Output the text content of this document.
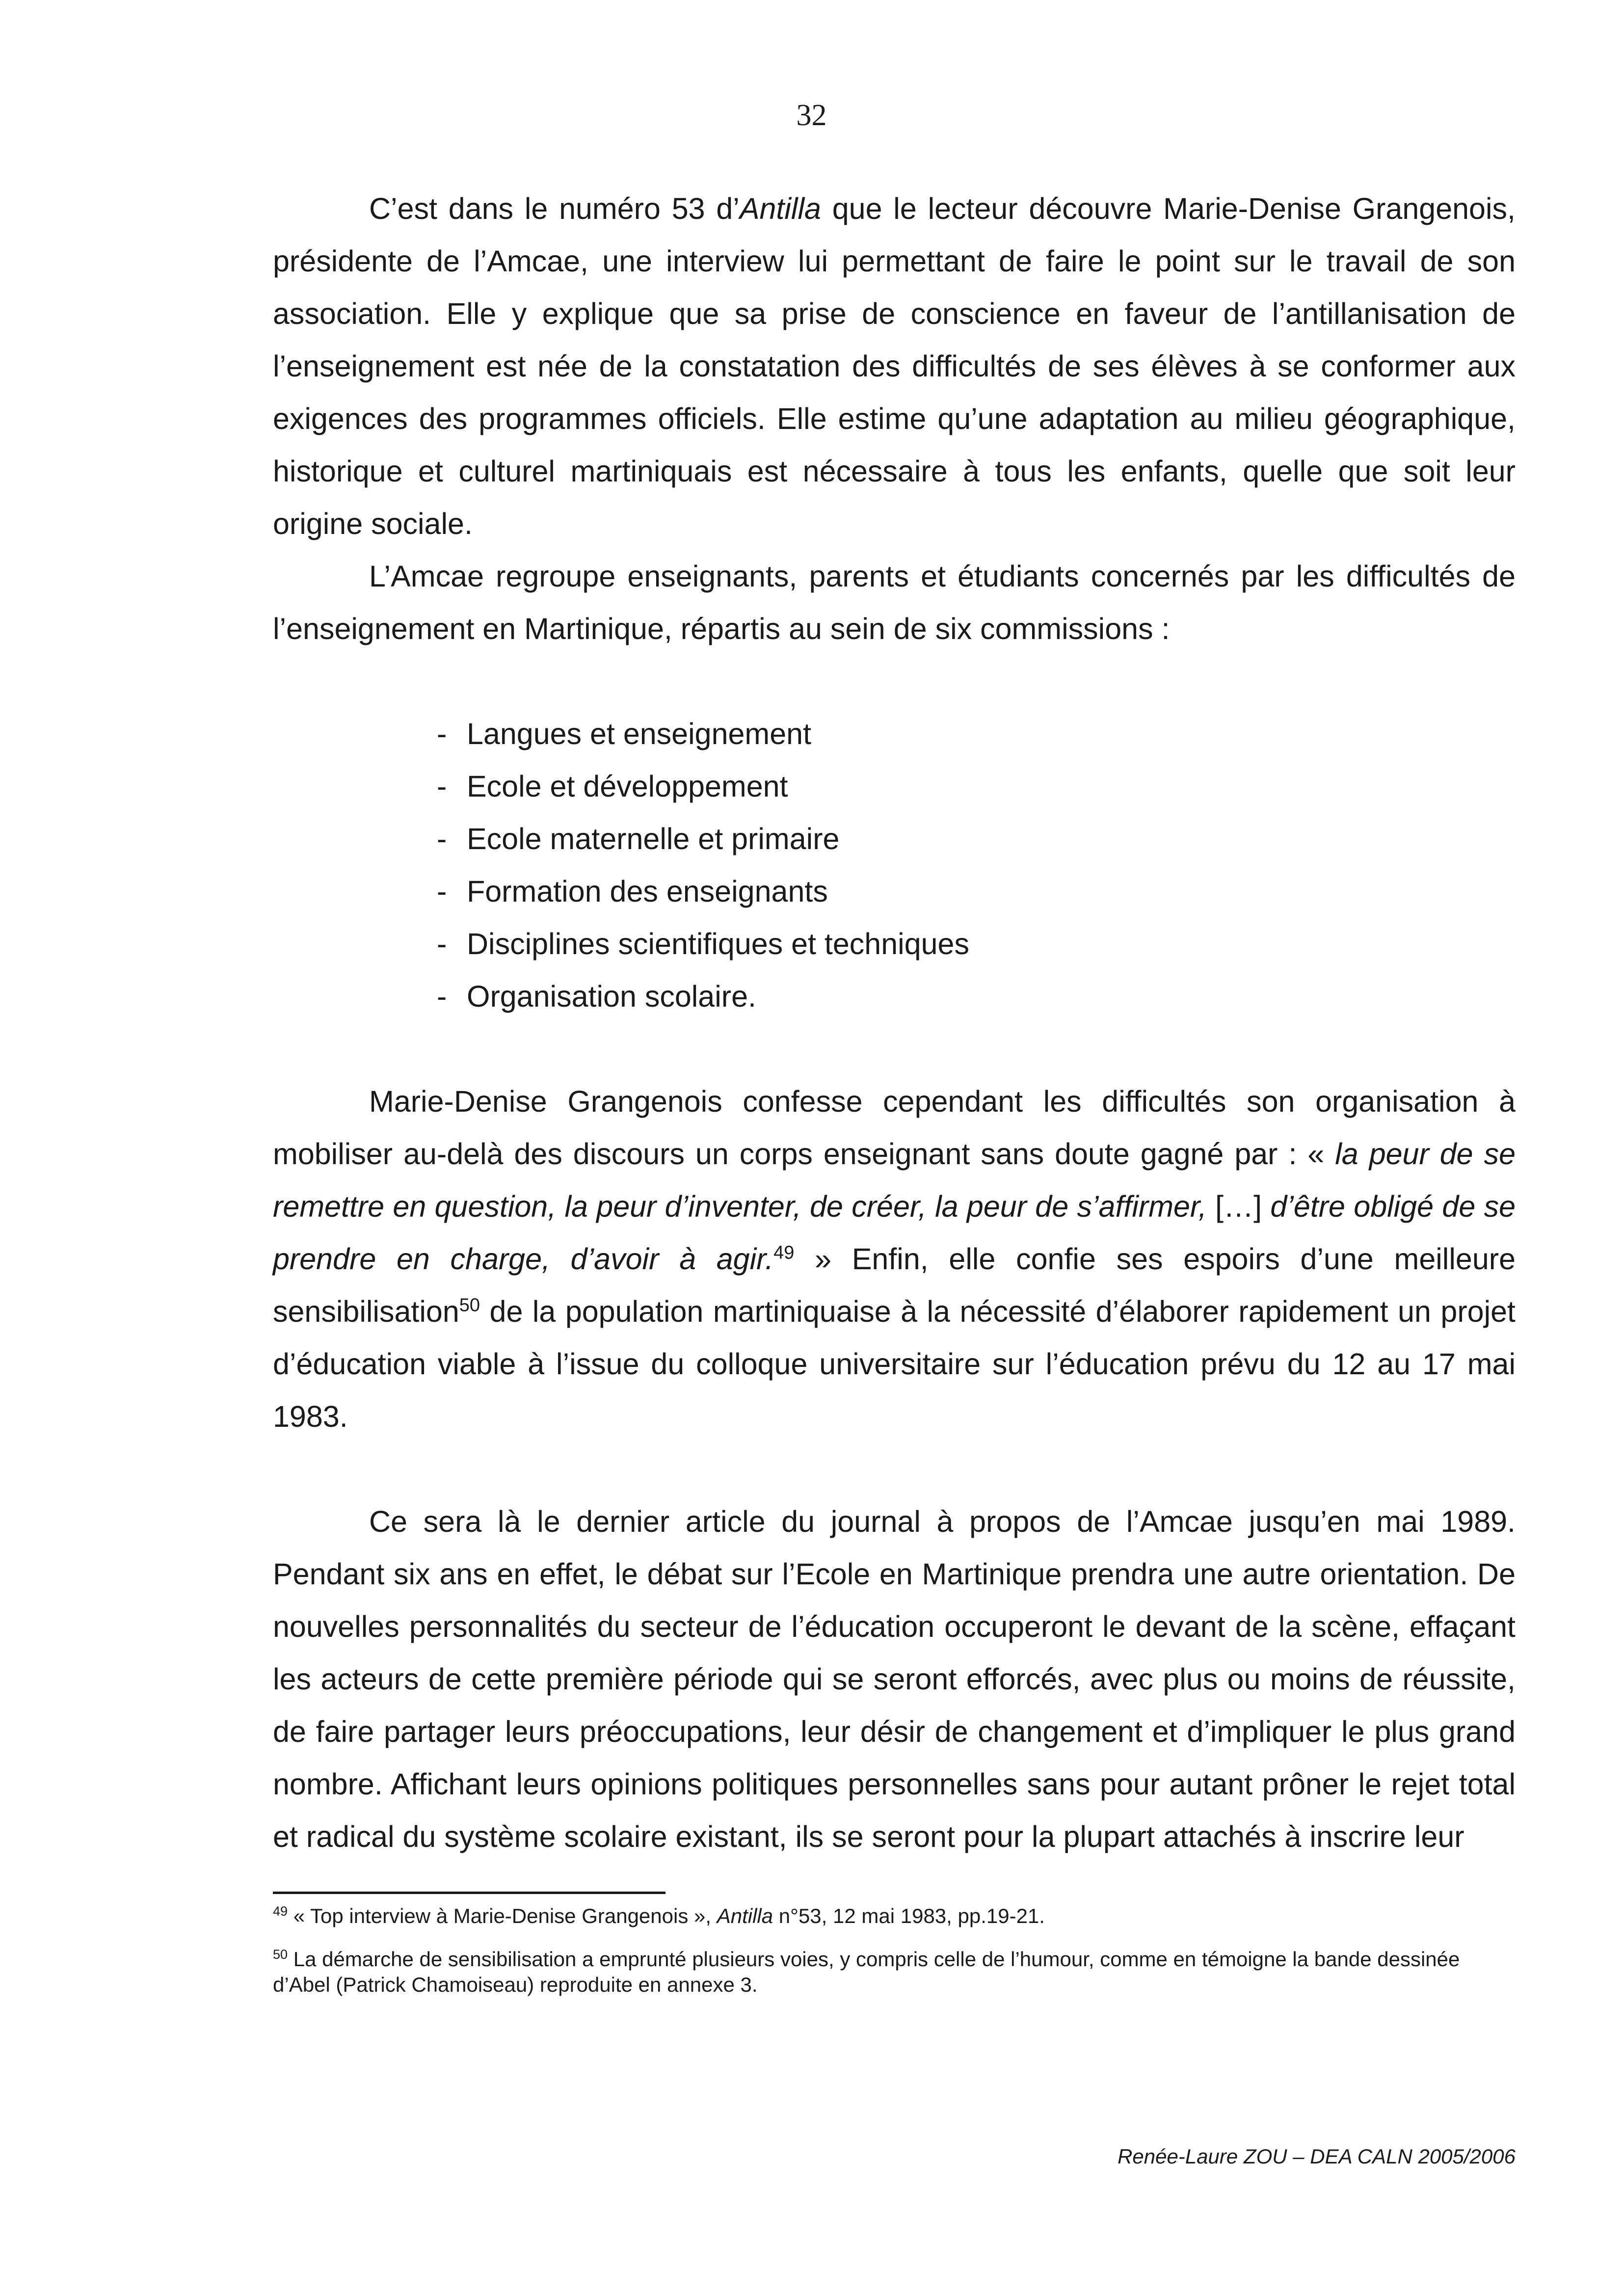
32

C’est dans le numéro 53 d’Antilla que le lecteur découvre Marie-Denise Grangenois, présidente de l’Amcae, une interview lui permettant de faire le point sur le travail de son association. Elle y explique que sa prise de conscience en faveur de l’antillanisation de l’enseignement est née de la constatation des difficultés de ses élèves à se conformer aux exigences des programmes officiels. Elle estime qu’une adaptation au milieu géographique, historique et culturel martiniquais est nécessaire à tous les enfants, quelle que soit leur origine sociale.

L’Amcae regroupe enseignants, parents et étudiants concernés par les difficultés de l’enseignement en Martinique, répartis au sein de six commissions :

- Langues et enseignement
- Ecole et développement
- Ecole maternelle et primaire
- Formation des enseignants
- Disciplines scientifiques et techniques
- Organisation scolaire.

Marie-Denise Grangenois confesse cependant les difficultés son organisation à mobiliser au-delà des discours un corps enseignant sans doute gagné par : « la peur de se remettre en question, la peur d’inventer, de créer, la peur de s’affirmer, […] d’être obligé de se prendre en charge, d’avoir à agir.$^{49}$ » Enfin, elle confie ses espoirs d’une meilleure sensibilisation$^{50}$ de la population martiniquaise à la nécessité d’élaborer rapidement un projet d’éducation viable à l’issue du colloque universitaire sur l’éducation prévu du 12 au 17 mai 1983.

Ce sera là le dernier article du journal à propos de l’Amcae jusqu’en mai 1989. Pendant six ans en effet, le débat sur l’Ecole en Martinique prendra une autre orientation. De nouvelles personnalités du secteur de l’éducation occuperont le devant de la scène, effaçant les acteurs de cette première période qui se seront efforcés, avec plus ou moins de réussite, de faire partager leurs préoccupations, leur désir de changement et d’impliquer le plus grand nombre. Affichant leurs opinions politiques personnelles sans pour autant prôner le rejet total et radical du système scolaire existant, ils se seront pour la plupart attachés à inscrire leur

$^{49}$ « Top interview à Marie-Denise Grangenois », Antilla n°53, 12 mai 1983, pp.19-21.

$^{50}$ La démarche de sensibilisation a emprunté plusieurs voies, y compris celle de l’humour, comme en témoigne la bande dessinée d’Abel (Patrick Chamoiseau) reproduite en annexe 3.

Renée-Laure ZOU – DEA CALN 2005/2006
